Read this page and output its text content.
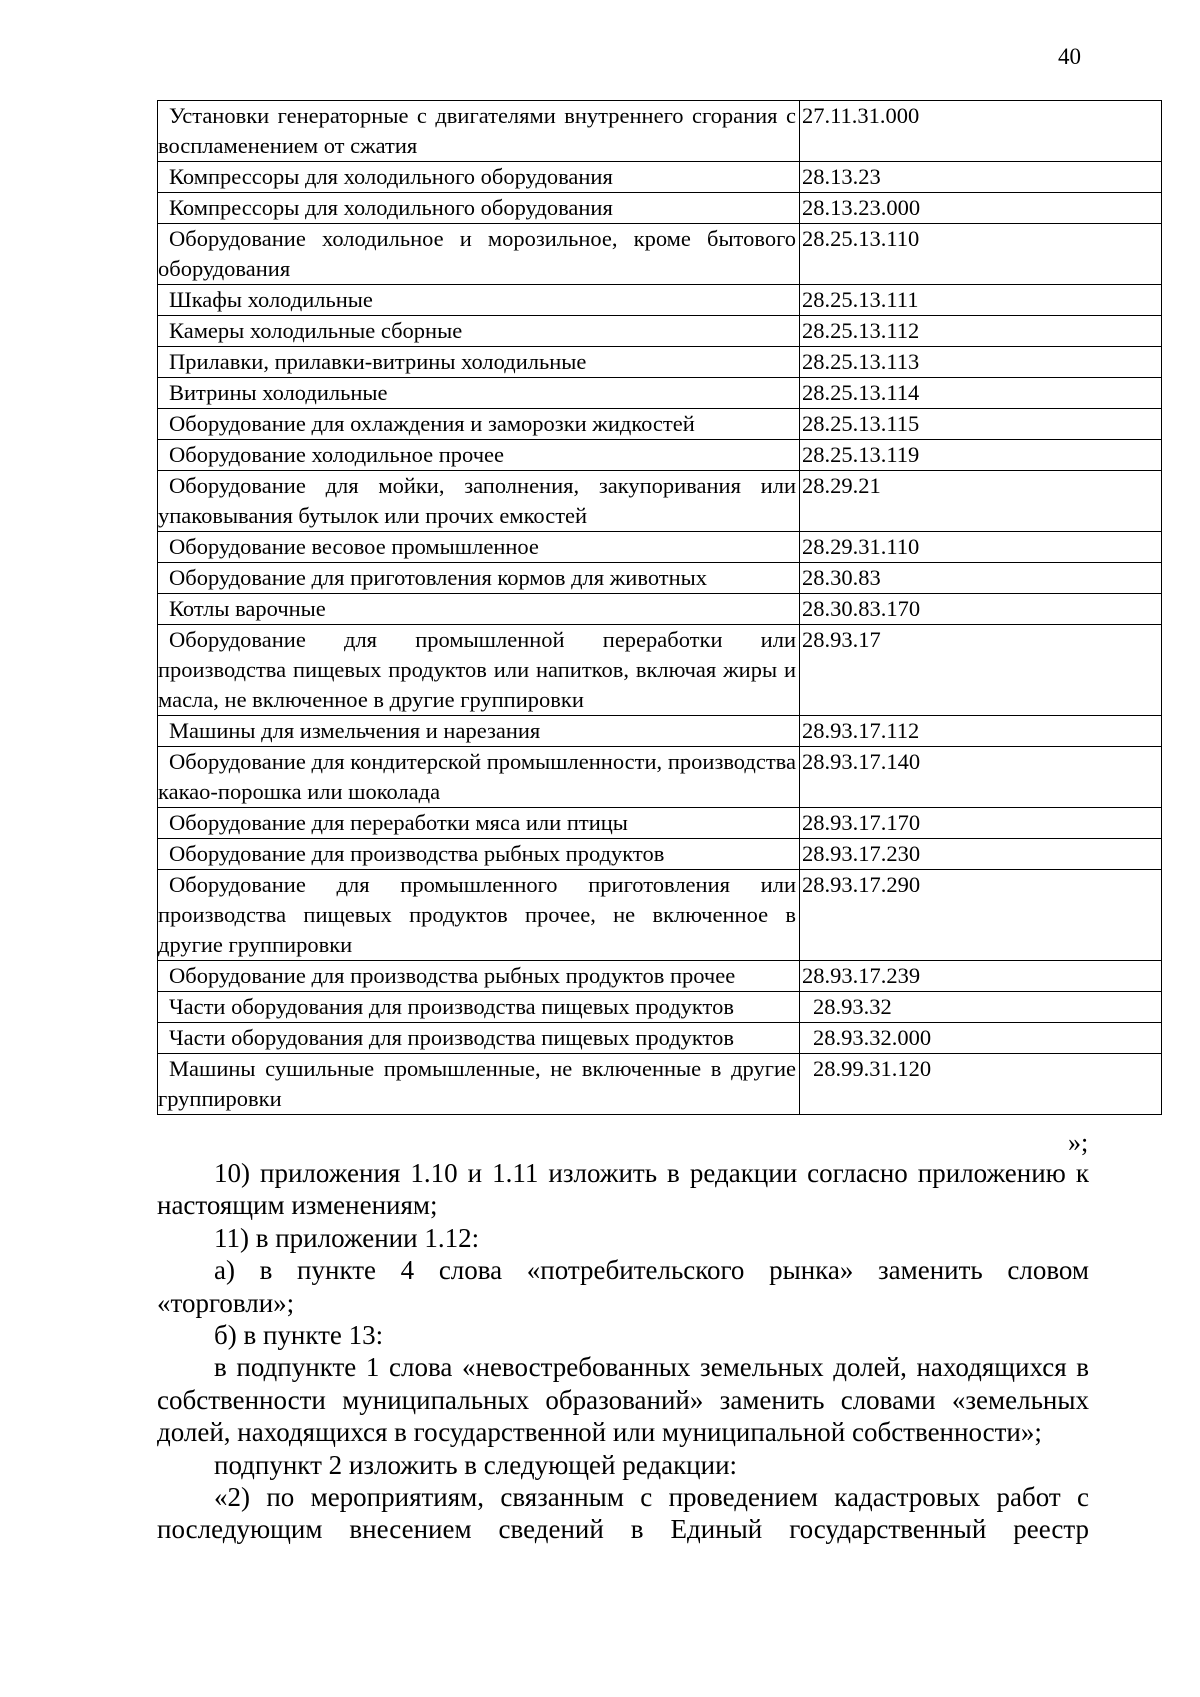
40
Установки генераторные с двигателями внутреннего сгорания с воспламенением от сжатия	27.11.31.000
Компрессоры для холодильного оборудования	28.13.23
Компрессоры для холодильного оборудования	28.13.23.000
Оборудование холодильное и морозильное, кроме бытового оборудования	28.25.13.110
Шкафы холодильные	28.25.13.111
Камеры холодильные сборные	28.25.13.112
Прилавки, прилавки-витрины холодильные	28.25.13.113
Витрины холодильные	28.25.13.114
Оборудование для охлаждения и заморозки жидкостей	28.25.13.115
Оборудование холодильное прочее	28.25.13.119
Оборудование для мойки, заполнения, закупоривания или упаковывания бутылок или прочих емкостей	28.29.21
Оборудование весовое промышленное	28.29.31.110
Оборудование для приготовления кормов для животных	28.30.83
Котлы варочные	28.30.83.170
Оборудование для промышленной переработки или производства пищевых продуктов или напитков, включая жиры и масла, не включенное в другие группировки	28.93.17
Машины для измельчения и нарезания	28.93.17.112
Оборудование для кондитерской промышленности, производства какао-порошка или шоколада	28.93.17.140
Оборудование для переработки мяса или птицы	28.93.17.170
Оборудование для производства рыбных продуктов	28.93.17.230
Оборудование для промышленного приготовления или производства пищевых продуктов прочее, не включенное в другие группировки	28.93.17.290
Оборудование для производства рыбных продуктов прочее	28.93.17.239
Части оборудования для производства пищевых продуктов	28.93.32
Части оборудования для производства пищевых продуктов	28.93.32.000
Машины сушильные промышленные, не включенные в другие группировки	28.99.31.120
»;

10) приложения 1.10 и 1.11 изложить в редакции согласно приложению к настоящим изменениям;

11) в приложении 1.12:

а) в пункте 4 слова «потребительского рынка» заменить словом «торговли»;

б) в пункте 13:

в подпункте 1 слова «невостребованных земельных долей, находящихся в собственности муниципальных образований» заменить словами «земельных долей, находящихся в государственной или муниципальной собственности»;

подпункт 2 изложить в следующей редакции:

«2) по мероприятиям, связанным с проведением кадастровых работ с последующим внесением сведений в Единый государственный реестр
